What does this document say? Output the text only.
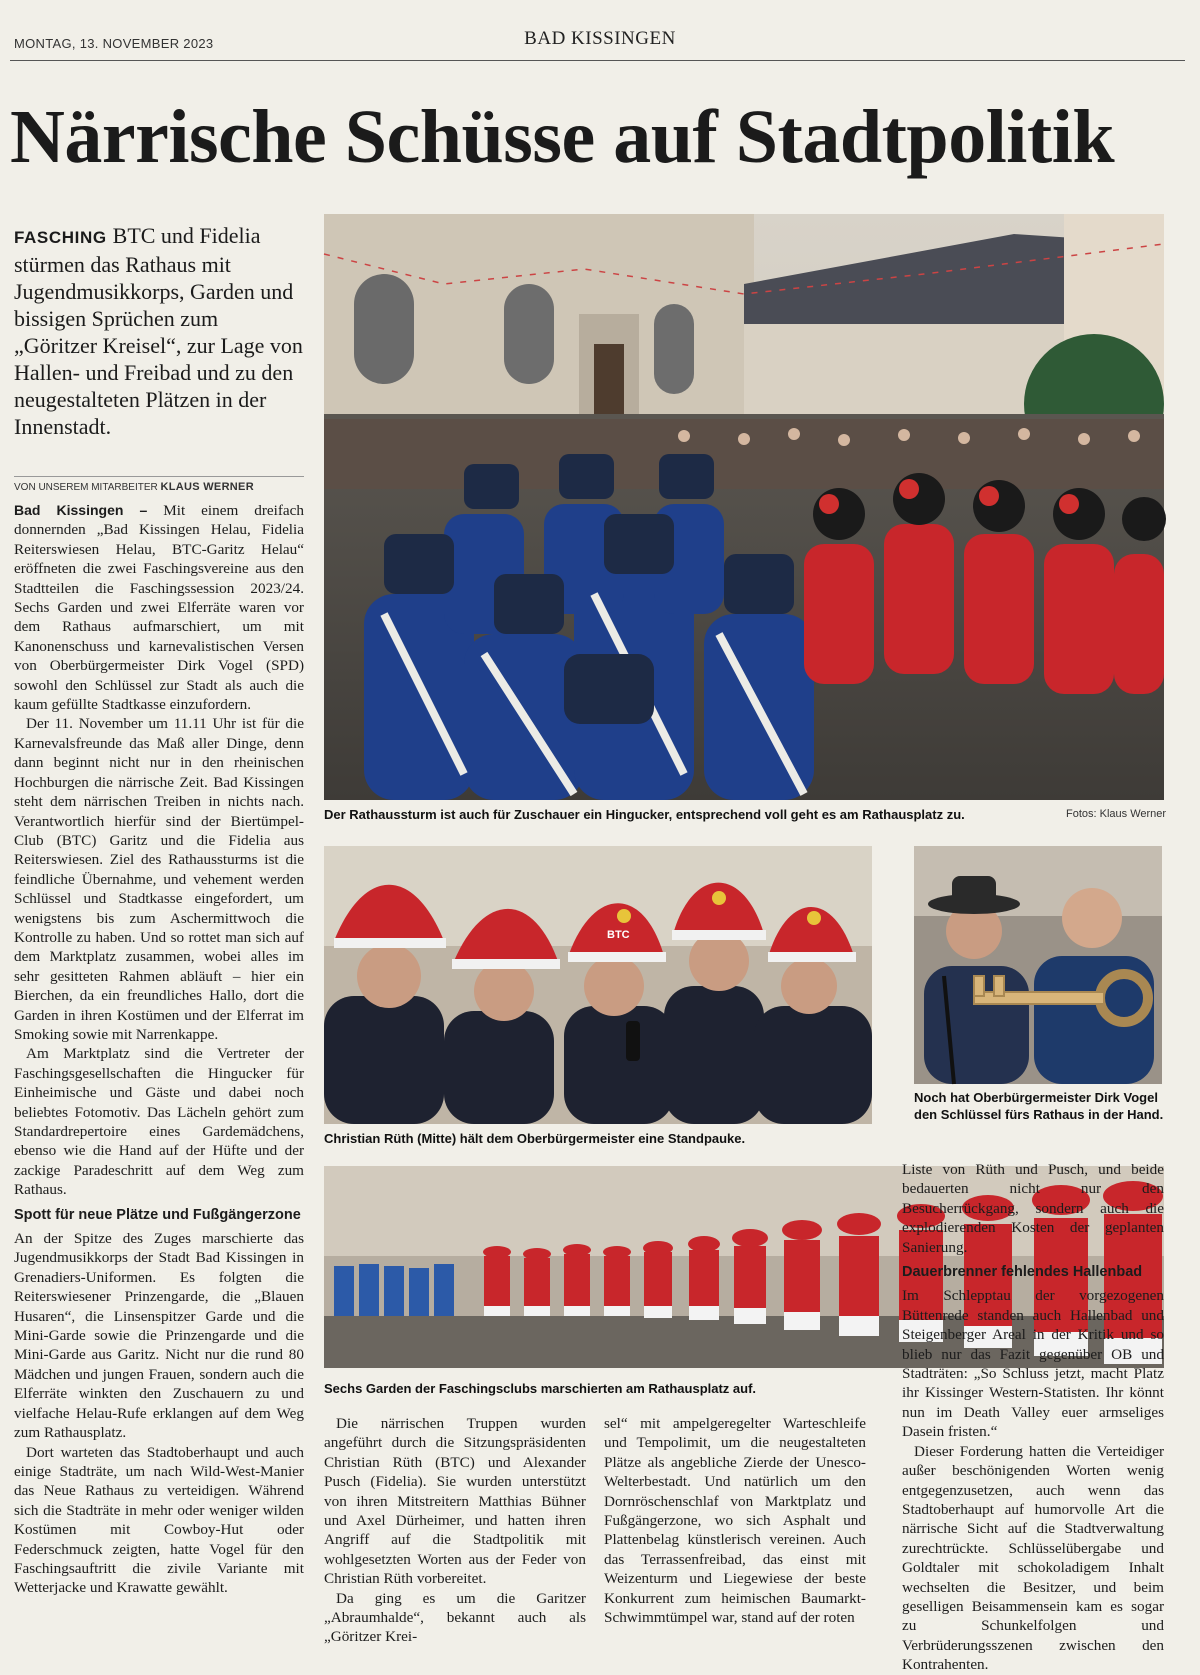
MONTAG, 13. NOVEMBER 2023	BAD KISSINGEN
Närrische Schüsse auf Stadtpolitik
FASCHING BTC und Fidelia stürmen das Rathaus mit Jugendmusikkorps, Garden und bissigen Sprüchen zum „Göritzer Kreisel“, zur Lage von Hallen- und Freibad und zu den neugestalteten Plätzen in der Innenstadt.
VON UNSEREM MITARBEITER KLAUS WERNER

Bad Kissingen – Mit einem dreifach donnernden „Bad Kissingen Helau, Fidelia Reiterswiesen Helau, BTC-Garitz Helau“ eröffneten die zwei Faschingsvereine aus den Stadtteilen die Faschingssession 2023/24. Sechs Garden und zwei Elferräte waren vor dem Rathaus aufmarschiert, um mit Kanonenschuss und karnevalistischen Versen von Oberbürgermeister Dirk Vogel (SPD) sowohl den Schlüssel zur Stadt als auch die kaum gefüllte Stadtkasse einzufordern.

Der 11. November um 11.11 Uhr ist für die Karnevalsfreunde das Maß aller Dinge, denn dann beginnt nicht nur in den rheinischen Hochburgen die närrische Zeit. Bad Kissingen steht dem närrischen Treiben in nichts nach. Verantwortlich hierfür sind der Biertümpel-Club (BTC) Garitz und die Fidelia aus Reiterswiesen. Ziel des Rathaussturms ist die feindliche Übernahme, und vehement werden Schlüssel und Stadtkasse eingefordert, um wenigstens bis zum Aschermittwoch die Kontrolle zu haben. Und so rottet man sich auf dem Marktplatz zusammen, wobei alles im sehr gesitteten Rahmen abläuft – hier ein Bierchen, da ein freundliches Hallo, dort die Garden in ihren Kostümen und der Elferrat im Smoking sowie mit Narrenkappe.

Am Marktplatz sind die Vertreter der Faschingsgesellschaften die Hingucker für Einheimische und Gäste und dabei noch beliebtes Fotomotiv. Das Lächeln gehört zum Standardrepertoire eines Gardemädchens, ebenso wie die Hand auf der Hüfte und der zackige Paradeschritt auf dem Weg zum Rathaus.

Spott für neue Plätze und Fußgängerzone

An der Spitze des Zuges marschierte das Jugendmusikkorps der Stadt Bad Kissingen in Grenadiers-Uniformen. Es folgten die Reiterswiesener Prinzengarde, die „Blauen Husaren“, die Linsenspitzer Garde und die Mini-Garde sowie die Prinzengarde und die Mini-Garde aus Garitz. Nicht nur die rund 80 Mädchen und jungen Frauen, sondern auch die Elferräte winkten den Zuschauern zu und vielfache Helau-Rufe erklangen auf dem Weg zum Rathausplatz.

Dort warteten das Stadtoberhaupt und auch einige Stadträte, um nach Wild-West-Manier das Neue Rathaus zu verteidigen. Während sich die Stadträte in mehr oder weniger wilden Kostümen mit Cowboy-Hut oder Federschmuck zeigten, hatte Vogel für den Faschingsauftritt die zivile Variante mit Wetterjacke und Krawatte gewählt.

Der Rathaussturm ist auch für Zuschauer ein Hingucker, entsprechend voll geht es am Rathausplatz zu.	Fotos: Klaus Werner
BTC
Christian Rüth (Mitte) hält dem Oberbürgermeister eine Standpauke.
Noch hat Oberbürgermeister Dirk Vogel den Schlüssel fürs Rathaus in der Hand.
Sechs Garden der Faschingsclubs marschierten am Rathausplatz auf.

Die närrischen Truppen wurden angeführt durch die Sitzungspräsidenten Christian Rüth (BTC) und Alexander Pusch (Fidelia). Sie wurden unterstützt von ihren Mitstreitern Matthias Bühner und Axel Dürheimer, und hatten ihren Angriff auf die Stadtpolitik mit wohlgesetzten Worten aus der Feder von Christian Rüth vorbereitet.

Da ging es um die Garitzer „Abraumhalde“, bekannt auch als „Göritzer Krei-

sel“ mit ampelgeregelter Warteschleife und Tempolimit, um die neugestalteten Plätze als angebliche Zierde der Unesco-Welterbestadt. Und natürlich um den Dornröschenschlaf von Marktplatz und Fußgängerzone, wo sich Asphalt und Plattenbelag künstlerisch vereinen. Auch das Terrassenfreibad, das einst mit Weizenturm und Liegewiese der beste Konkurrent zum heimischen Baumarkt-Schwimmtümpel war, stand auf der roten

Liste von Rüth und Pusch, und beide bedauerten nicht nur den Besucherrückgang, sondern auch die explodierenden Kosten der geplanten Sanierung.

Dauerbrenner fehlendes Hallenbad

Im Schlepptau der vorgezogenen Büttenrede standen auch Hallenbad und Steigenberger Areal in der Kritik und so blieb nur das Fazit gegenüber OB und Stadträten: „So Schluss jetzt, macht Platz ihr Kissinger Western-Statisten. Ihr könnt nun im Death Valley euer armseliges Dasein fristen.“

Dieser Forderung hatten die Verteidiger außer beschönigenden Worten wenig entgegenzusetzen, auch wenn das Stadtoberhaupt auf humorvolle Art die närrische Sicht auf die Stadtverwaltung zurechtrückte. Schlüsselübergabe und Goldtaler mit schokoladigem Inhalt wechselten die Besitzer, und beim geselligen Beisammensein kam es sogar zu Schunkelfolgen und Verbrüderungsszenen zwischen den Kontrahenten.
